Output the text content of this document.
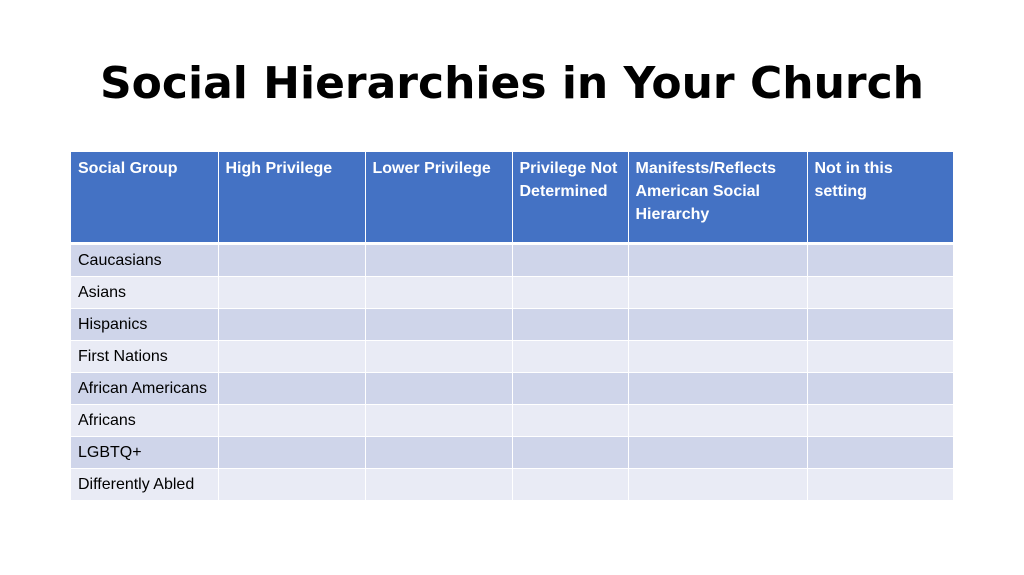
Social Hierarchies in Your Church
Social Group	High Privilege	Lower Privilege	Privilege Not Determined	Manifests/Reflects American Social Hierarchy	Not in this setting
Caucasians					
Asians					
Hispanics					
First Nations					
African Americans					
Africans					
LGBTQ+					
Differently Abled					
